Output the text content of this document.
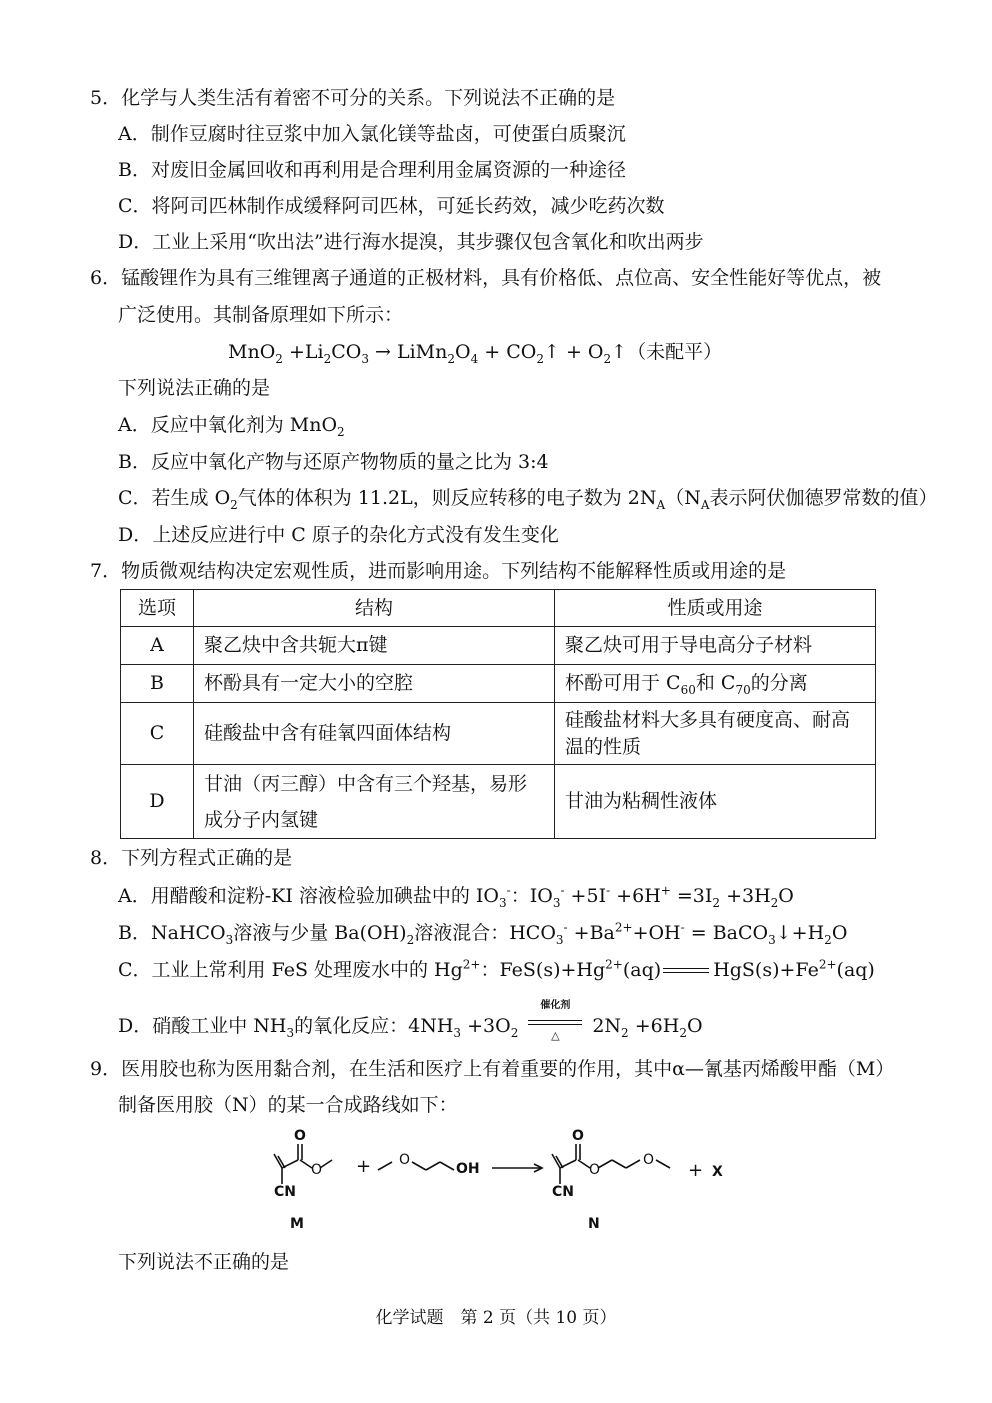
5．化学与人类生活有着密不可分的关系。下列说法不正确的是
A．制作豆腐时往豆浆中加入氯化镁等盐卤，可使蛋白质聚沉
B．对废旧金属回收和再利用是合理利用金属资源的一种途径
C．将阿司匹林制作成缓释阿司匹林，可延长药效，减少吃药次数
D．工业上采用“吹出法”进行海水提溴，其步骤仅包含氧化和吹出两步
6．锰酸锂作为具有三维锂离子通道的正极材料，具有价格低、点位高、安全性能好等优点，被
广泛使用。其制备原理如下所示：
$MnO_2 +Li_2CO_3$ → $LiMn_2O_4$ + $CO_2↑$ + $O_2↑$（未配平）
下列说法正确的是
A．反应中氧化剂为 MnO$_2$
B．反应中氧化产物与还原产物物质的量之比为 3:4
C．若生成 $O_2$气体的体积为 11.2L，则反应转移的电子数为 $2N_A(N_A$表示阿伏伽德罗常数的值）
D．上述反应进行中 C 原子的杂化方式没有发生变化
7．物质微观结构决定宏观性质，进而影响用途。下列结构不能解释性质或用途的是
选项	结构	性质或用途
A	聚乙炔中含共轭大π键	聚乙炔可用于导电高分子材料
B	杯酚具有一定大小的空腔	杯酚可用于 $C_{60}$和 $C_{70}$的分离
C	硅酸盐中含有硅氧四面体结构	硅酸盐材料大多具有硬度高、耐高
温的性质

D	甘油（丙三醇）中含有三个羟基，易形
成分子内氢键	甘油为粘稠性液体
8．下列方程式正确的是
A．用醋酸和淀粉-KI 溶液检验加碘盐中的 $IO_3^-$：$IO_3^- +5I^- +6H^+ =3I_2 +3H_2O$
B．NaHCO$_3$溶液与少量 $Ba(OH)_2$溶液混合：$HCO_3^- +Ba^{2+}+OH^-$ = $BaCO_3↓+H_2O$
C．工业上常利用 FeS 处理废水中的 $Hg^{2+}$：$FeS(s)+Hg^{2+}(aq)$	$HgS(s)+Fe^{2+}(aq)$
D．硝酸工业中 $NH_3$的氧化反应：$4NH_3 +3O_2$
催化剂
△	$2N_2 +6H_2O$
9．医用胶也称为医用黏合剂，在生活和医疗上有着重要的作用，其中α—氰基丙烯酸甲酯（M）
制备医用胶（N）的某一合成路线如下：
O
O
CN
+ O
OH
O
O
O
CN
+ X
M	N
下列说法不正确的是
化学试题　第 2 页（共 10 页）
